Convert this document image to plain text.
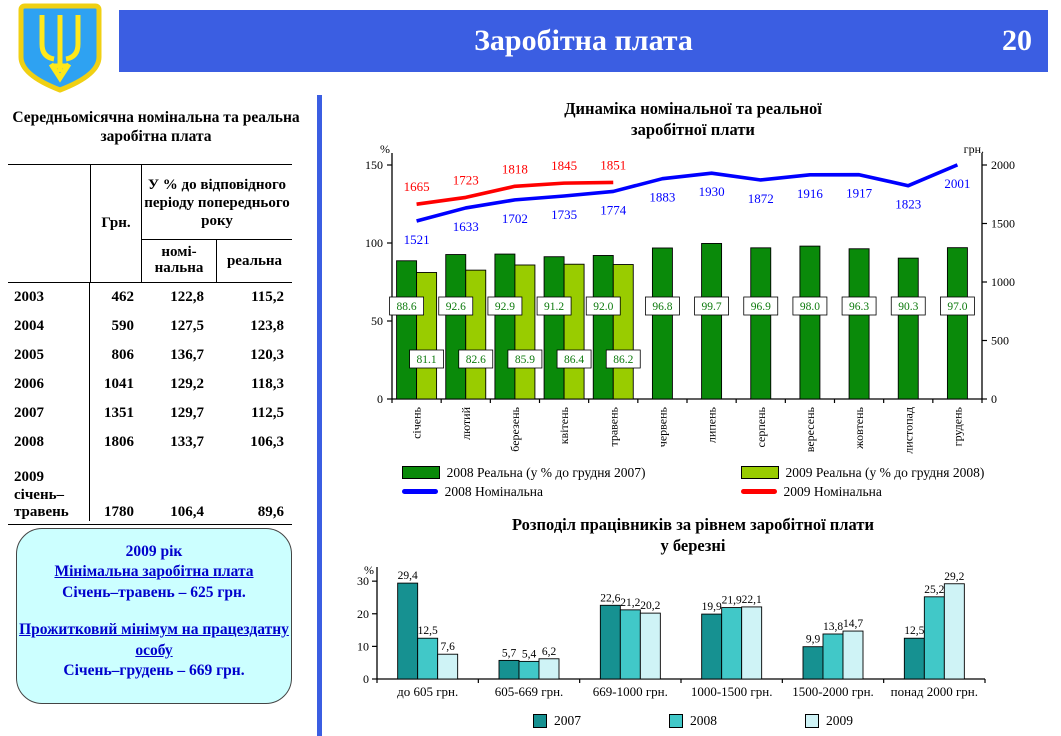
Заробітна плата	20
Середньомісячна номінальна та реальна заробітна плата
Грн.
У % до відповідного періоду попереднього року
номі-нальна	реальна
2003	462	122,8	115,2
2004	590	127,5	123,8
2005	806	136,7	120,3
2006	1041	129,2	118,3
2007	1351	129,7	112,5
2008	1806	133,7	106,3
2009 січень–травень	1780	106,4	89,6
2009 рік
Мінімальна заробітна плата
Січень–травень – 625 грн.
Прожитковий мінімум на працездатну особу
Січень–грудень – 669 грн.
Динаміка номінальної та реальної
заробітної плати
0
50
100
150
%
0
500
1000
1500
2000
грн.
1521
1633
1702 1735 1774
1883 1930 1872 1916 1917
1823
2001
1665 1723
1818 1845 1851
88.6	92.6	92.9	91.2	92.0	96.8	99.7	96.9	98.0	96.3	90.3	97.0
81.1	82.6	85.9	86.4	86.2
січень	лютий	березень	квітень	травень	червень	липень	серпень	вересень	жовтень	листопад	грудень
2008 Реальна (у % до грудня 2007)	2009 Реальна (у % до грудня 2008)
2008 Номінальна	2009 Номінальна
Розподіл працівників за рівнем заробітної плати
у березні
0
10
20
30
% 29,4
5,7
22,6
19,9
9,9
12,5
12,5
5,4
21,2	21,9
13,8
25,2
7,6	6,2
20,2
22,1
14,7
29,2
до 605 грн.	605-669 грн. 669-1000 грн. 1000-1500 грн. 1500-2000 грн. понад 2000 грн.
2007	2008	2009
